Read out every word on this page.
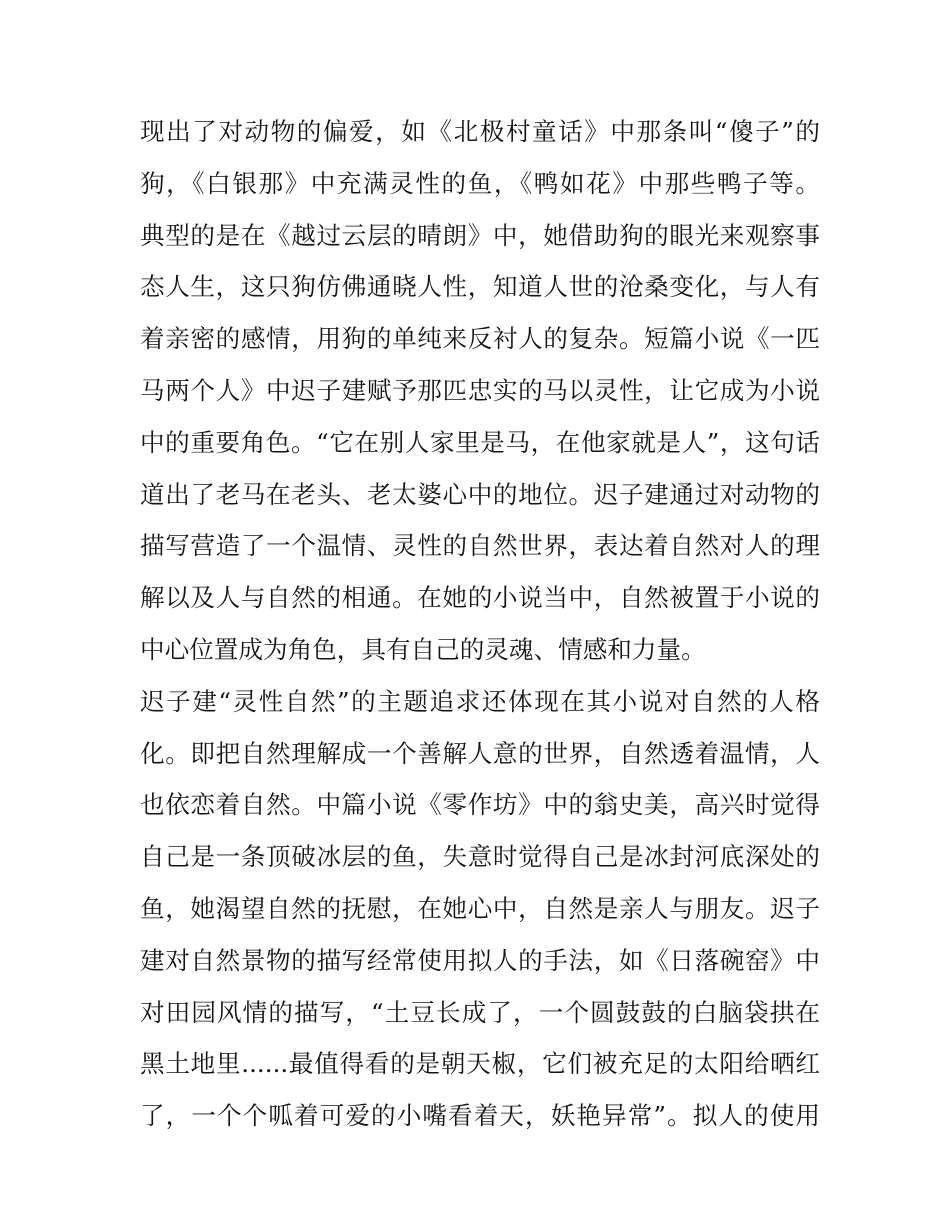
现出了对动物的偏爱，如《北极村童话》中那条叫“傻子”的
狗，《白银那》中充满灵性的鱼，《鸭如花》中那些鸭子等。
典型的是在《越过云层的晴朗》中，她借助狗的眼光来观察事
态人生，这只狗仿佛通晓人性，知道人世的沧桑变化，与人有
着亲密的感情，用狗的单纯来反衬人的复杂。短篇小说《一匹
马两个人》中迟子建赋予那匹忠实的马以灵性，让它成为小说
中的重要角色。“它在别人家里是马，在他家就是人”，这句话
道出了老马在老头、老太婆心中的地位。迟子建通过对动物的
描写营造了一个温情、灵性的自然世界，表达着自然对人的理
解以及人与自然的相通。在她的小说当中，自然被置于小说的
中心位置成为角色，具有自己的灵魂、情感和力量。
迟子建“灵性自然”的主题追求还体现在其小说对自然的人格
化。即把自然理解成一个善解人意的世界，自然透着温情，人
也依恋着自然。中篇小说《零作坊》中的翁史美，高兴时觉得
自己是一条顶破冰层的鱼，失意时觉得自己是冰封河底深处的
鱼，她渴望自然的抚慰，在她心中，自然是亲人与朋友。迟子
建对自然景物的描写经常使用拟人的手法，如《日落碗窑》中
对田园风情的描写，“土豆长成了，一个圆鼓鼓的白脑袋拱在
黑土地里......最值得看的是朝天椒，它们被充足的太阳给晒红
了，一个个呱着可爱的小嘴看着天，妖艳异常”。拟人的使用
